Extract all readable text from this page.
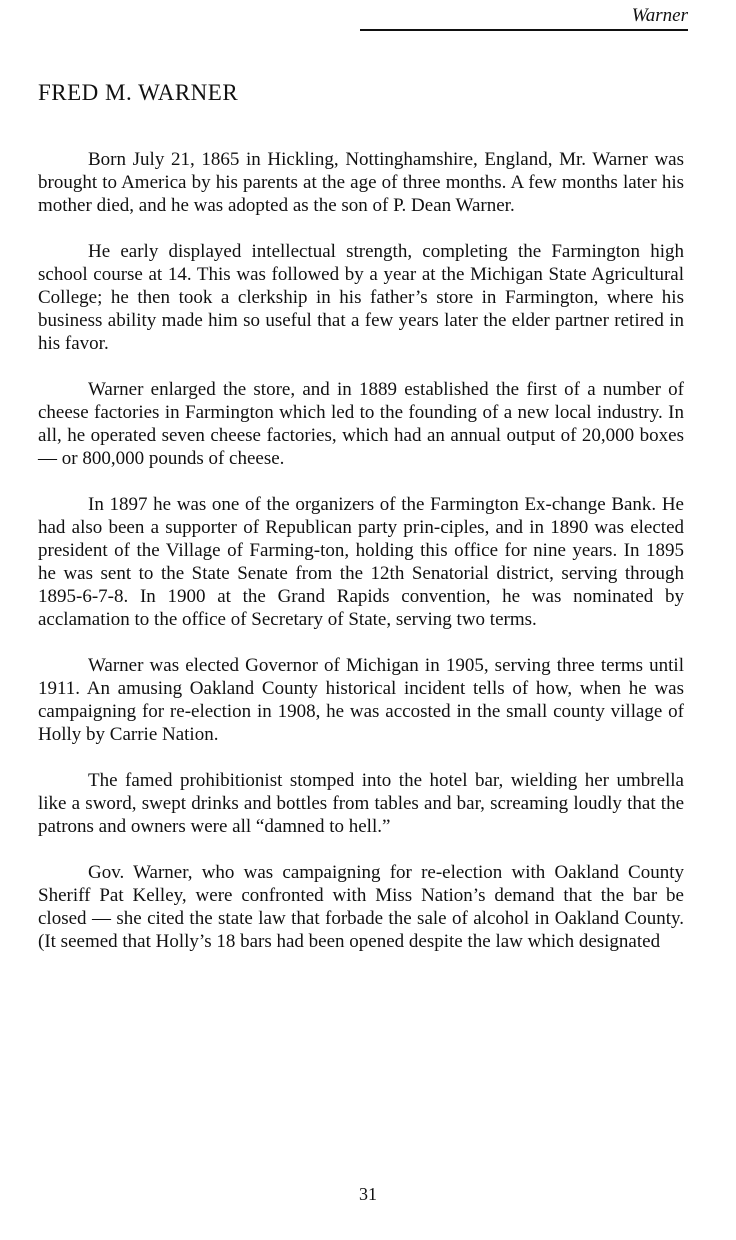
Warner
FRED M. WARNER

Born July 21, 1865 in Hickling, Nottinghamshire, England, Mr. Warner was brought to America by his parents at the age of three months. A few months later his mother died, and he was adopted as the son of P. Dean Warner.

He early displayed intellectual strength, completing the Farmington high school course at 14. This was followed by a year at the Michigan State Agricultural College; he then took a clerkship in his father’s store in Farmington, where his business ability made him so useful that a few years later the elder partner retired in his favor.

Warner enlarged the store, and in 1889 established the first of a number of cheese factories in Farmington which led to the founding of a new local industry. In all, he operated seven cheese factories, which had an annual output of 20,000 boxes — or 800,000 pounds of cheese.

In 1897 he was one of the organizers of the Farmington Ex-change Bank. He had also been a supporter of Republican party prin-ciples, and in 1890 was elected president of the Village of Farming-ton, holding this office for nine years. In 1895 he was sent to the State Senate from the 12th Senatorial district, serving through 1895-6-7-8. In 1900 at the Grand Rapids convention, he was nominated by acclamation to the office of Secretary of State, serving two terms.

Warner was elected Governor of Michigan in 1905, serving three terms until 1911. An amusing Oakland County historical incident tells of how, when he was campaigning for re-election in 1908, he was accosted in the small county village of Holly by Carrie Nation.

The famed prohibitionist stomped into the hotel bar, wielding her umbrella like a sword, swept drinks and bottles from tables and bar, screaming loudly that the patrons and owners were all “damned to hell.”

Gov. Warner, who was campaigning for re-election with Oakland County Sheriff Pat Kelley, were confronted with Miss Nation’s demand that the bar be closed — she cited the state law that forbade the sale of alcohol in Oakland County. (It seemed that Holly’s 18 bars had been opened despite the law which designated

31
